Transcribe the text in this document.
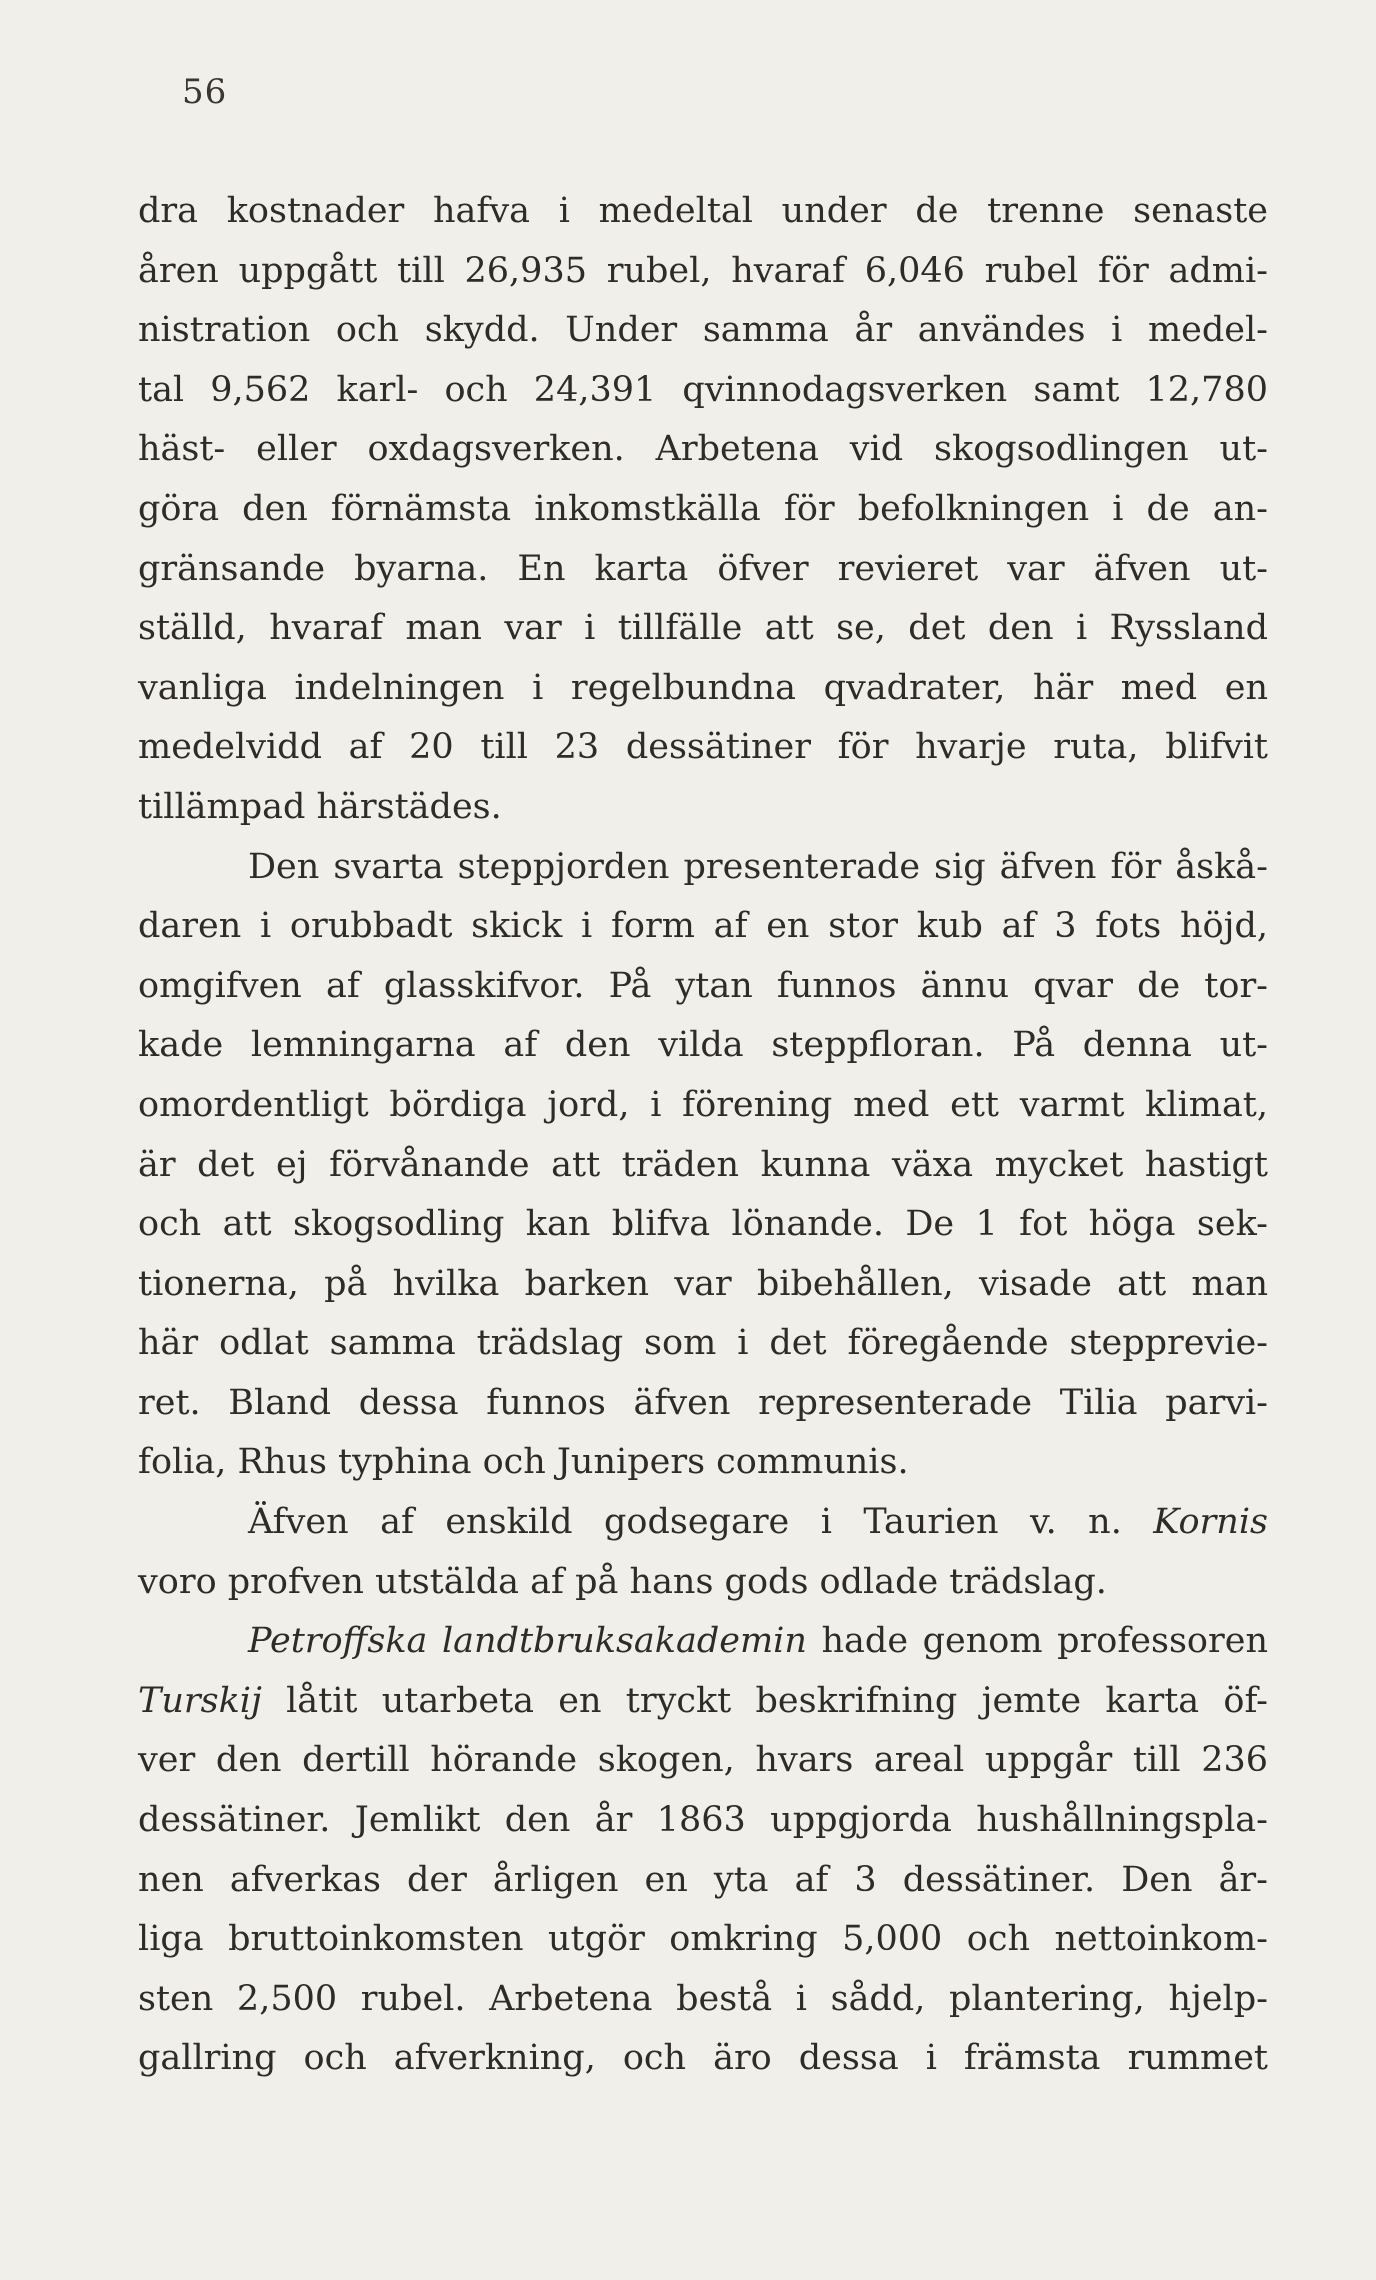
56
dra kostnader hafva i medeltal under de trenne senaste
åren uppgått till 26,935 rubel, hvaraf 6,046 rubel för admi-
nistration och skydd. Under samma år användes i medel-
tal 9,562 karl- och 24,391 qvinnodagsverken samt 12,780
häst- eller oxdagsverken. Arbetena vid skogsodlingen ut-
göra den förnämsta inkomstkälla för befolkningen i de an-
gränsande byarna. En karta öfver revieret var äfven ut-
ställd, hvaraf man var i tillfälle att se, det den i Ryssland
vanliga indelningen i regelbundna qvadrater, här med en
medelvidd af 20 till 23 dessätiner för hvarje ruta, blifvit
tillämpad härstädes.
Den svarta steppjorden presenterade sig äfven för åskå-
daren i orubbadt skick i form af en stor kub af 3 fots höjd,
omgifven af glasskifvor. På ytan funnos ännu qvar de tor-
kade lemningarna af den vilda steppfloran. På denna ut-
omordentligt bördiga jord, i förening med ett varmt klimat,
är det ej förvånande att träden kunna växa mycket hastigt
och att skogsodling kan blifva lönande. De 1 fot höga sek-
tionerna, på hvilka barken var bibehållen, visade att man
här odlat samma trädslag som i det föregående stepprevie-
ret. Bland dessa funnos äfven representerade Tilia parvi-
folia, Rhus typhina och Junipers communis.
Äfven af enskild godsegare i Taurien v. n. Kornis
voro profven utstälda af på hans gods odlade trädslag.
Petroffska landtbruksakademin hade genom professoren
Turskij låtit utarbeta en tryckt beskrifning jemte karta öf-
ver den dertill hörande skogen, hvars areal uppgår till 236
dessätiner. Jemlikt den år 1863 uppgjorda hushållningspla-
nen afverkas der årligen en yta af 3 dessätiner. Den år-
liga bruttoinkomsten utgör omkring 5,000 och nettoinkom-
sten 2,500 rubel. Arbetena bestå i sådd, plantering, hjelp-
gallring och afverkning, och äro dessa i främsta rummet
